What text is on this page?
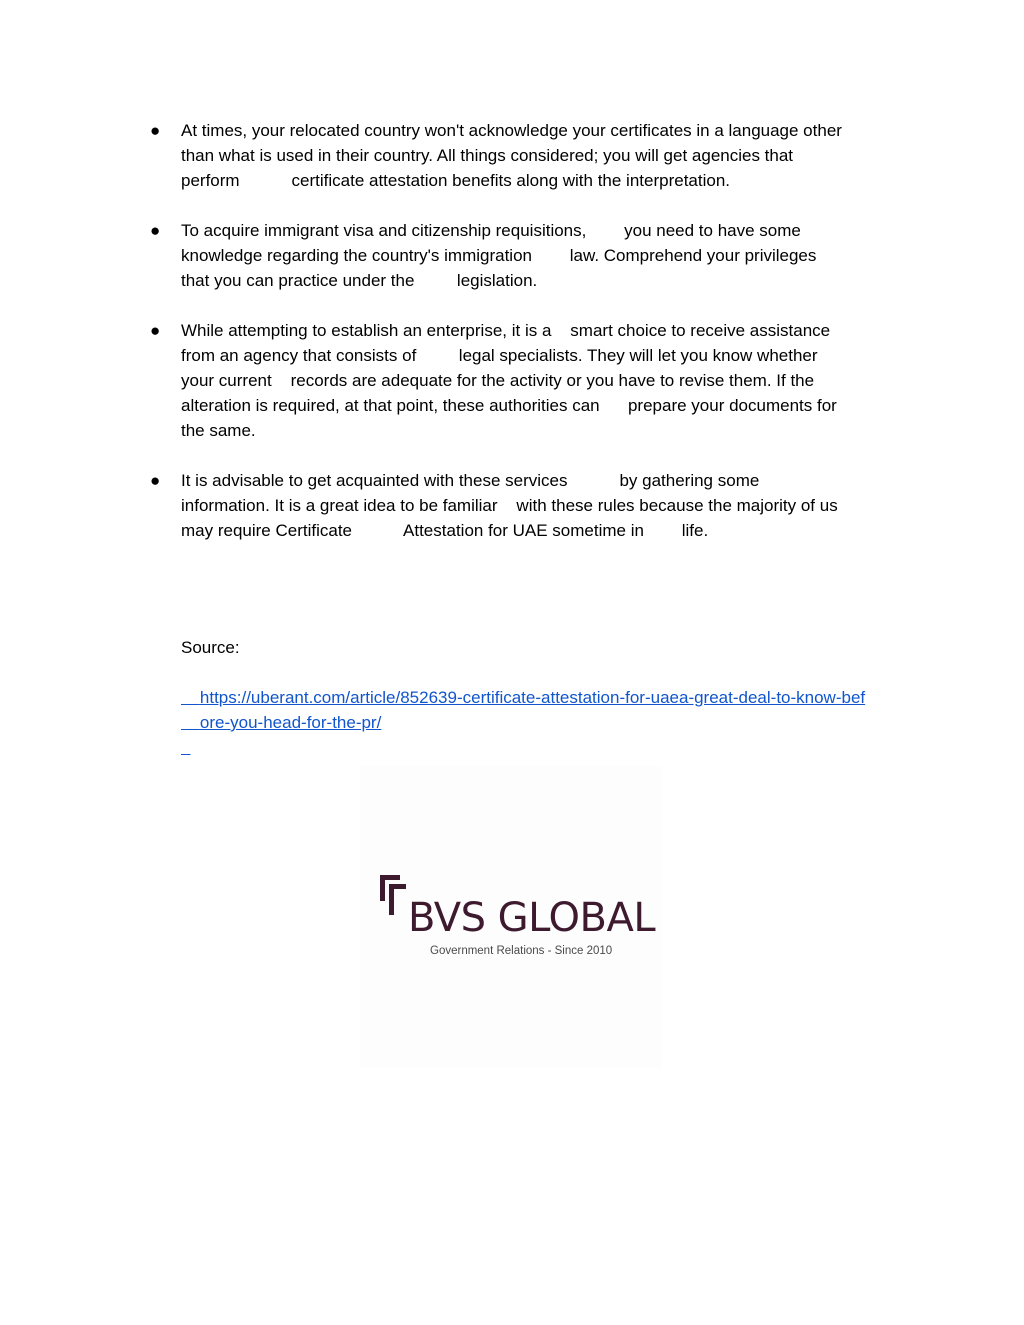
● At times, your relocated country won't acknowledge your certificates in a language other
than what is used in their country. All things considered; you will get agencies that
perform           certificate attestation benefits along with the interpretation.
● To acquire immigrant visa and citizenship requisitions,        you need to have some
knowledge regarding the country's immigration        law. Comprehend your privileges
that you can practice under the         legislation.
● While attempting to establish an enterprise, it is a    smart choice to receive assistance
from an agency that consists of         legal specialists. They will let you know whether
your current    records are adequate for the activity or you have to revise them. If the
alteration is required, at that point, these authorities can      prepare your documents for
the same.
● It is advisable to get acquainted with these services           by gathering some
information. It is a great idea to be familiar    with these rules because the majority of us
may require Certificate           Attestation for UAE sometime in        life.
Source:

https://uberant.com/article/852639-certificate-attestation-for-uaea-great-deal-to-know-bef
ore-you-head-for-the-pr/

BVS GLOBAL
Government Relations - Since 2010
